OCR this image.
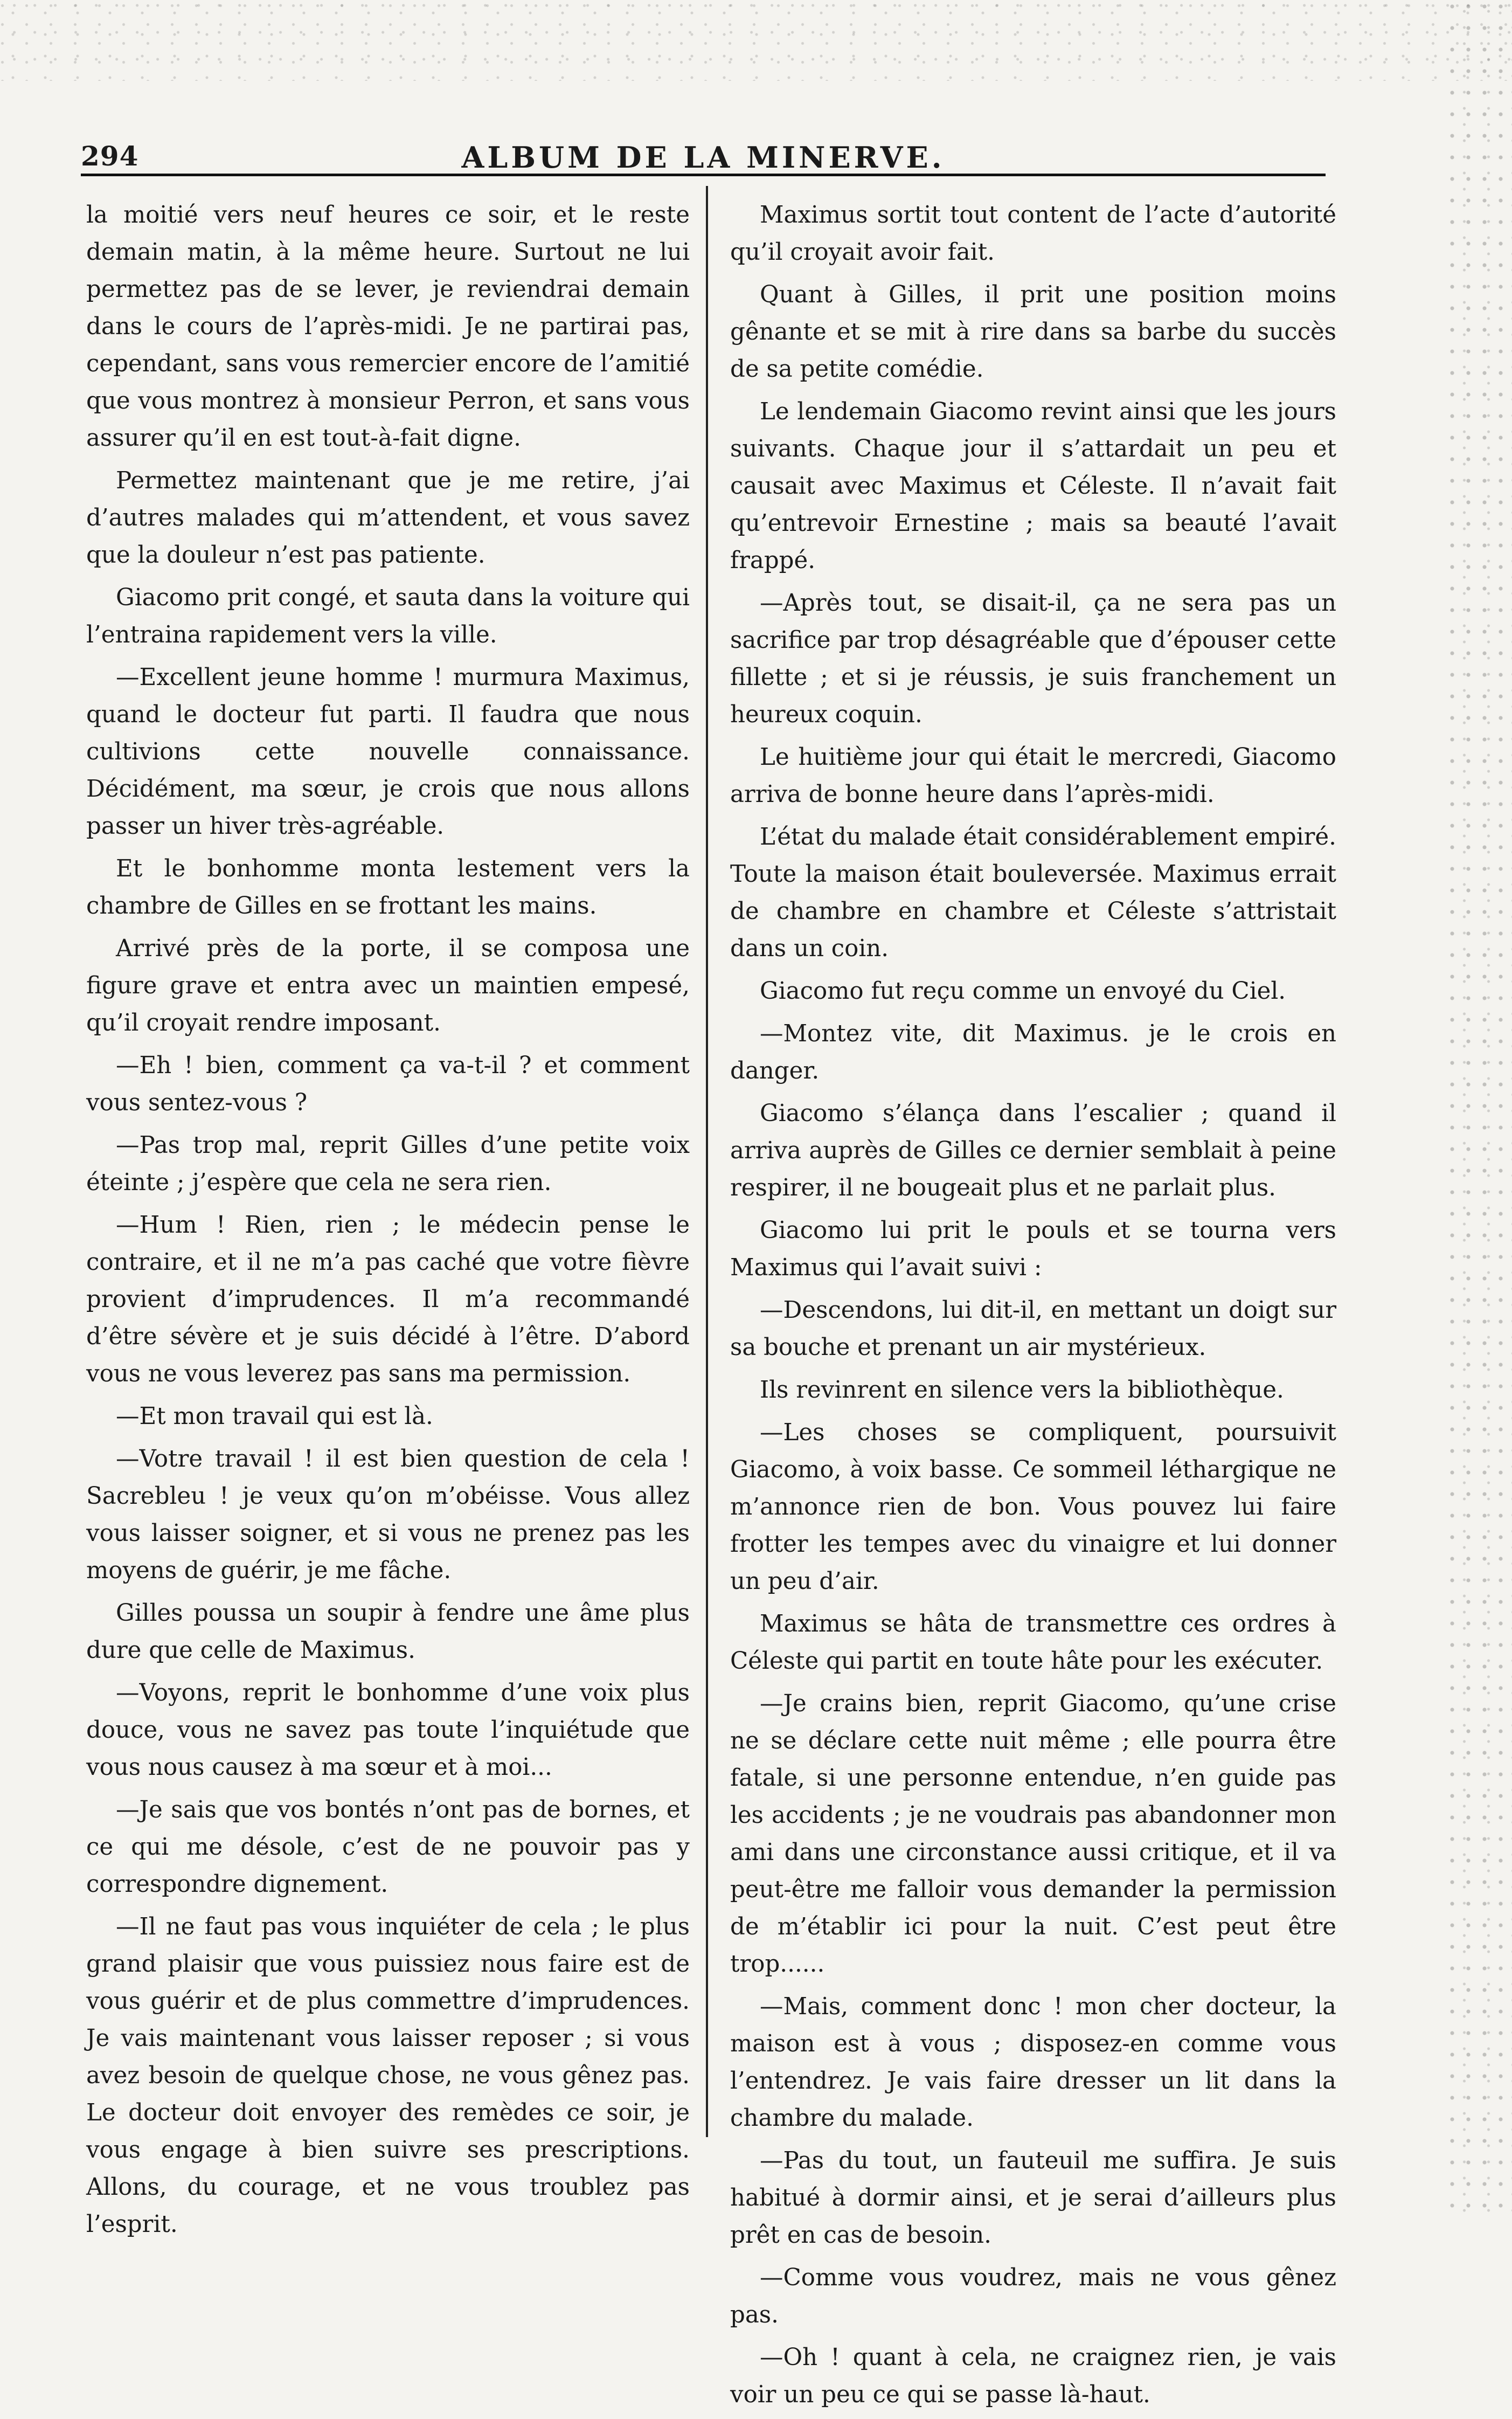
294	ALBUM DE LA MINERVE.

la moitié vers neuf heures ce soir, et le reste demain matin, à la même heure. Surtout ne lui permettez pas de se lever, je reviendrai demain dans le cours de l’après-midi. Je ne partirai pas, cependant, sans vous remercier encore de l’amitié que vous montrez à monsieur Perron, et sans vous assurer qu’il en est tout-à-fait digne.

Permettez maintenant que je me retire, j’ai d’autres malades qui m’attendent, et vous savez que la douleur n’est pas patiente.

Giacomo prit congé, et sauta dans la voiture qui l’entraina rapidement vers la ville.

—Excellent jeune homme ! murmura Maximus, quand le docteur fut parti. Il faudra que nous cultivions cette nouvelle connaissance. Décidément, ma sœur, je crois que nous allons passer un hiver très-agréable.

Et le bonhomme monta lestement vers la chambre de Gilles en se frottant les mains.

Arrivé près de la porte, il se composa une figure grave et entra avec un maintien empesé, qu’il croyait rendre imposant.

—Eh ! bien, comment ça va-t-il ? et comment vous sentez-vous ?

—Pas trop mal, reprit Gilles d’une petite voix éteinte ; j’espère que cela ne sera rien.

—Hum ! Rien, rien ; le médecin pense le contraire, et il ne m’a pas caché que votre fièvre provient d’imprudences. Il m’a recommandé d’être sévère et je suis décidé à l’être. D’abord vous ne vous leverez pas sans ma permission.

—Et mon travail qui est là.

—Votre travail ! il est bien question de cela ! Sacrebleu ! je veux qu’on m’obéisse. Vous allez vous laisser soigner, et si vous ne prenez pas les moyens de guérir, je me fâche.

Gilles poussa un soupir à fendre une âme plus dure que celle de Maximus.

—Voyons, reprit le bonhomme d’une voix plus douce, vous ne savez pas toute l’inquiétude que vous nous causez à ma sœur et à moi...

—Je sais que vos bontés n’ont pas de bornes, et ce qui me désole, c’est de ne pouvoir pas y correspondre dignement.

—Il ne faut pas vous inquiéter de cela ; le plus grand plaisir que vous puissiez nous faire est de vous guérir et de plus commettre d’imprudences. Je vais maintenant vous laisser reposer ; si vous avez besoin de quelque chose, ne vous gênez pas. Le docteur doit envoyer des remèdes ce soir, je vous engage à bien suivre ses prescriptions. Allons, du courage, et ne vous troublez pas l’esprit.

Maximus sortit tout content de l’acte d’autorité qu’il croyait avoir fait.

Quant à Gilles, il prit une position moins gênante et se mit à rire dans sa barbe du succès de sa petite comédie.

Le lendemain Giacomo revint ainsi que les jours suivants. Chaque jour il s’attardait un peu et causait avec Maximus et Céleste. Il n’avait fait qu’entrevoir Ernestine ; mais sa beauté l’avait frappé.

—Après tout, se disait-il, ça ne sera pas un sacrifice par trop désagréable que d’épouser cette fillette ; et si je réussis, je suis franchement un heureux coquin.

Le huitième jour qui était le mercredi, Giacomo arriva de bonne heure dans l’après-midi.

L’état du malade était considérablement empiré. Toute la maison était bouleversée. Maximus errait de chambre en chambre et Céleste s’attristait dans un coin.

Giacomo fut reçu comme un envoyé du Ciel.

—Montez vite, dit Maximus. je le crois en danger.

Giacomo s’élança dans l’escalier ; quand il arriva auprès de Gilles ce dernier semblait à peine respirer, il ne bougeait plus et ne parlait plus.

Giacomo lui prit le pouls et se tourna vers Maximus qui l’avait suivi :

—Descendons, lui dit-il, en mettant un doigt sur sa bouche et prenant un air mystérieux.

Ils revinrent en silence vers la bibliothèque.

—Les choses se compliquent, poursuivit Giacomo, à voix basse. Ce sommeil léthargique ne m’annonce rien de bon. Vous pouvez lui faire frotter les tempes avec du vinaigre et lui donner un peu d’air.

Maximus se hâta de transmettre ces ordres à Céleste qui partit en toute hâte pour les exécuter.

—Je crains bien, reprit Giacomo, qu’une crise ne se déclare cette nuit même ; elle pourra être fatale, si une personne entendue, n’en guide pas les accidents ; je ne voudrais pas abandonner mon ami dans une circonstance aussi critique, et il va peut-être me falloir vous demander la permission de m’établir ici pour la nuit. C’est peut être trop......

—Mais, comment donc ! mon cher docteur, la maison est à vous ; disposez-en comme vous l’entendrez. Je vais faire dresser un lit dans la chambre du malade.

—Pas du tout, un fauteuil me suffira. Je suis habitué à dormir ainsi, et je serai d’ailleurs plus prêt en cas de besoin.

—Comme vous voudrez, mais ne vous gênez pas.

—Oh ! quant à cela, ne craignez rien, je vais voir un peu ce qui se passe là-haut.
